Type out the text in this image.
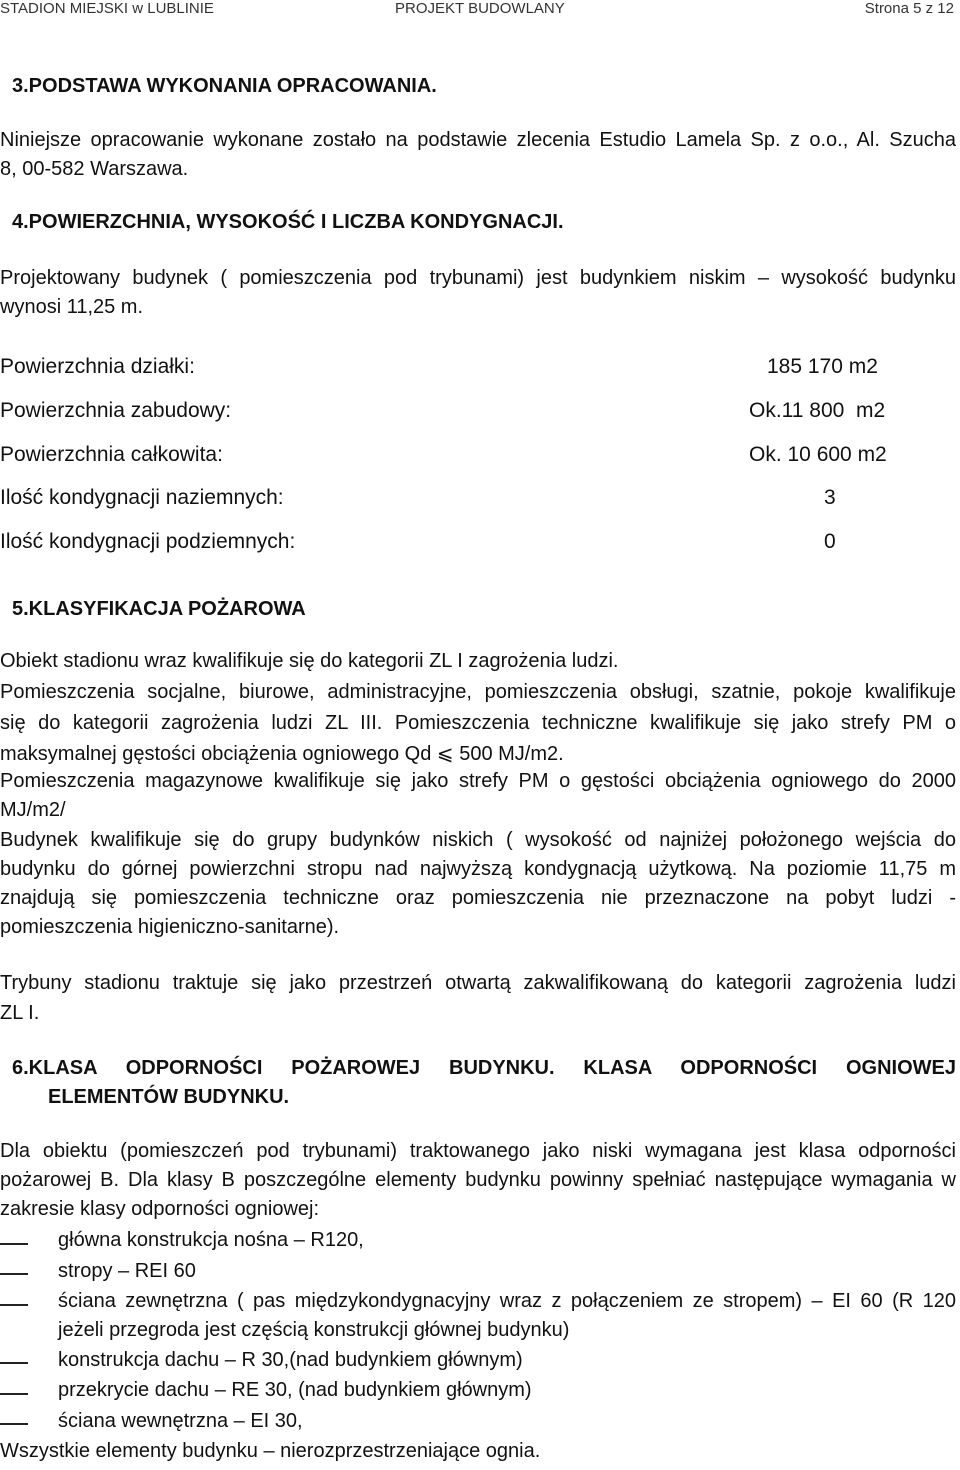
STADION MIEJSKI w LUBLINIE	PROJEKT BUDOWLANY	Strona 5 z 12
3.PODSTAWA WYKONANIA OPRACOWANIA.
Niniejsze opracowanie wykonane zostało na podstawie zlecenia Estudio Lamela Sp. z o.o., Al. Szucha
8, 00-582 Warszawa.
4.POWIERZCHNIA, WYSOKOŚĆ I LICZBA KONDYGNACJI.
Projektowany budynek ( pomieszczenia pod trybunami) jest budynkiem niskim – wysokość budynku
wynosi 11,25 m.
Powierzchnia działki:	185 170 m2
Powierzchnia zabudowy:	Ok.11 800  m2
Powierzchnia całkowita:	Ok. 10 600 m2
Ilość kondygnacji naziemnych:	3
Ilość kondygnacji podziemnych:	0
5.KLASYFIKACJA POŻAROWA
Obiekt stadionu wraz kwalifikuje się do kategorii ZL I zagrożenia ludzi.
Pomieszczenia socjalne, biurowe, administracyjne, pomieszczenia obsługi, szatnie, pokoje kwalifikuje
się do kategorii zagrożenia ludzi ZL III. Pomieszczenia techniczne kwalifikuje się jako strefy PM o
maksymalnej gęstości obciążenia ogniowego Qd ⩽ 500 MJ/m2.
Pomieszczenia magazynowe kwalifikuje się jako strefy PM o gęstości obciążenia ogniowego do 2000
MJ/m2/
Budynek kwalifikuje się do grupy budynków niskich ( wysokość od najniżej położonego wejścia do
budynku do górnej powierzchni stropu nad najwyższą kondygnacją użytkową. Na poziomie 11,75 m
znajdują się pomieszczenia techniczne oraz pomieszczenia nie przeznaczone na pobyt ludzi -
pomieszczenia higieniczno-sanitarne).
Trybuny stadionu traktuje się jako przestrzeń otwartą zakwalifikowaną do kategorii zagrożenia ludzi
ZL I.
6.KLASA ODPORNOŚCI POŻAROWEJ BUDYNKU. KLASA ODPORNOŚCI OGNIOWEJ
ELEMENTÓW BUDYNKU.
Dla obiektu (pomieszczeń pod trybunami) traktowanego jako niski wymagana jest klasa odporności
pożarowej B. Dla klasy B poszczególne elementy budynku powinny spełniać następujące wymagania w
zakresie klasy odporności ogniowej:
główna konstrukcja nośna – R120,
stropy – REI 60
ściana zewnętrzna ( pas międzykondygnacyjny wraz z połączeniem ze stropem) – EI 60 (R 120
jeżeli przegroda jest częścią konstrukcji głównej budynku)
konstrukcja dachu – R 30,(nad budynkiem głównym)
przekrycie dachu – RE 30, (nad budynkiem głównym)
ściana wewnętrzna – EI 30,
Wszystkie elementy budynku – nierozprzestrzeniające ognia.
